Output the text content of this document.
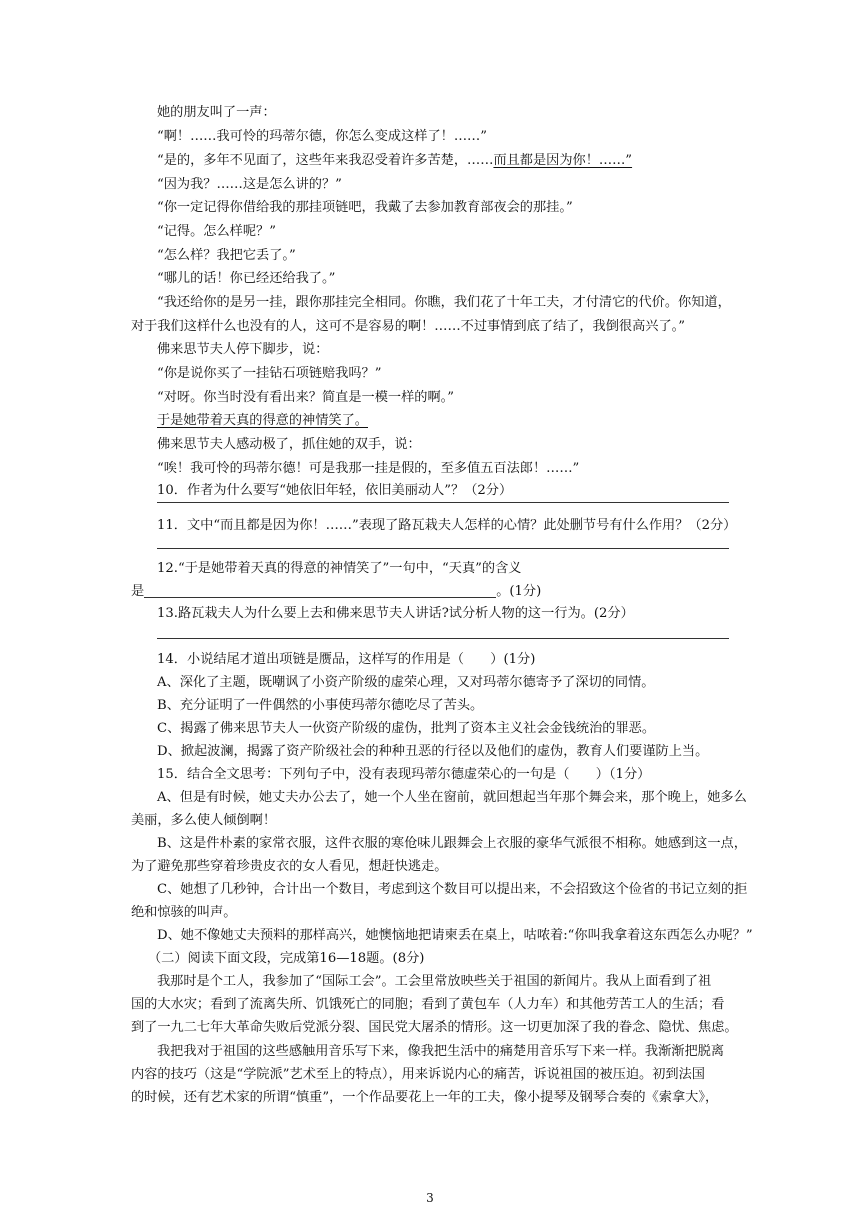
她的朋友叫了一声：
“啊！……我可怜的玛蒂尔德，你怎么变成这样了！……”
“是的，多年不见面了，这些年来我忍受着许多苦楚，……而且都是因为你！……”
“因为我？……这是怎么讲的？”
“你一定记得你借给我的那挂项链吧，我戴了去参加教育部夜会的那挂。”
“记得。怎么样呢？”
“怎么样？我把它丢了。”
“哪儿的话！你已经还给我了。”
“我还给你的是另一挂，跟你那挂完全相同。你瞧，我们花了十年工夫，才付清它的代价。你知道，
对于我们这样什么也没有的人，这可不是容易的啊！……不过事情到底了结了，我倒很高兴了。”
佛来思节夫人停下脚步，说：
“你是说你买了一挂钻石项链赔我吗？”
“对呀。你当时没有看出来？简直是一模一样的啊。”
于是她带着天真的得意的神情笑了。
佛来思节夫人感动极了，抓住她的双手，说：
“唉！我可怜的玛蒂尔德！可是我那一挂是假的，至多值五百法郎！……”
10．作者为什么要写“她依旧年轻，依旧美丽动人”？（2分）
11．文中“而且都是因为你！……”表现了路瓦栽夫人怎样的心情？此处删节号有什么作用？（2分）
12.“于是她带着天真的得意的神情笑了”一句中，“天真”的含义
是	。(1分)
13.路瓦栽夫人为什么要上去和佛来思节夫人讲话?试分析人物的这一行为。(2分）
14．小说结尾才道出项链是赝品，这样写的作用是（　　）(1分)
A、深化了主题，既嘲讽了小资产阶级的虚荣心理，又对玛蒂尔德寄予了深切的同情。
B、充分证明了一件偶然的小事使玛蒂尔德吃尽了苦头。
C、揭露了佛来思节夫人一伙资产阶级的虚伪，批判了资本主义社会金钱统治的罪恶。
D、掀起波澜，揭露了资产阶级社会的种种丑恶的行径以及他们的虚伪，教育人们要谨防上当。
15．结合全文思考：下列句子中，没有表现玛蒂尔德虚荣心的一句是（　　）（1分）
A、但是有时候，她丈夫办公去了，她一个人坐在窗前，就回想起当年那个舞会来，那个晚上，她多么
美丽，多么使人倾倒啊！
B、这是件朴素的家常衣服，这件衣服的寒伧味儿跟舞会上衣服的豪华气派很不相称。她感到这一点，
为了避免那些穿着珍贵皮衣的女人看见，想赶快逃走。
C、她想了几秒钟，合计出一个数目，考虑到这个数目可以提出来，不会招致这个俭省的书记立刻的拒
绝和惊骇的叫声。
D、她不像她丈夫预料的那样高兴，她懊恼地把请柬丢在桌上，咕哝着:“你叫我拿着这东西怎么办呢？”
（二）阅读下面文段，完成第16—18题。(8分)
我那时是个工人，我参加了“国际工会”。工会里常放映些关于祖国的新闻片。我从上面看到了祖
国的大水灾；看到了流离失所、饥饿死亡的同胞；看到了黄包车（人力车）和其他劳苦工人的生活；看
到了一九二七年大革命失败后党派分裂、国民党大屠杀的情形。这一切更加深了我的眷念、隐忧、焦虑。
我把我对于祖国的这些感触用音乐写下来，像我把生活中的痛楚用音乐写下来一样。我渐渐把脱离
内容的技巧（这是“学院派”艺术至上的特点），用来诉说内心的痛苦，诉说祖国的被压迫。初到法国
的时候，还有艺术家的所谓“慎重”，一个作品要花上一年的工夫，像小提琴及钢琴合奏的《索拿大》，
3
